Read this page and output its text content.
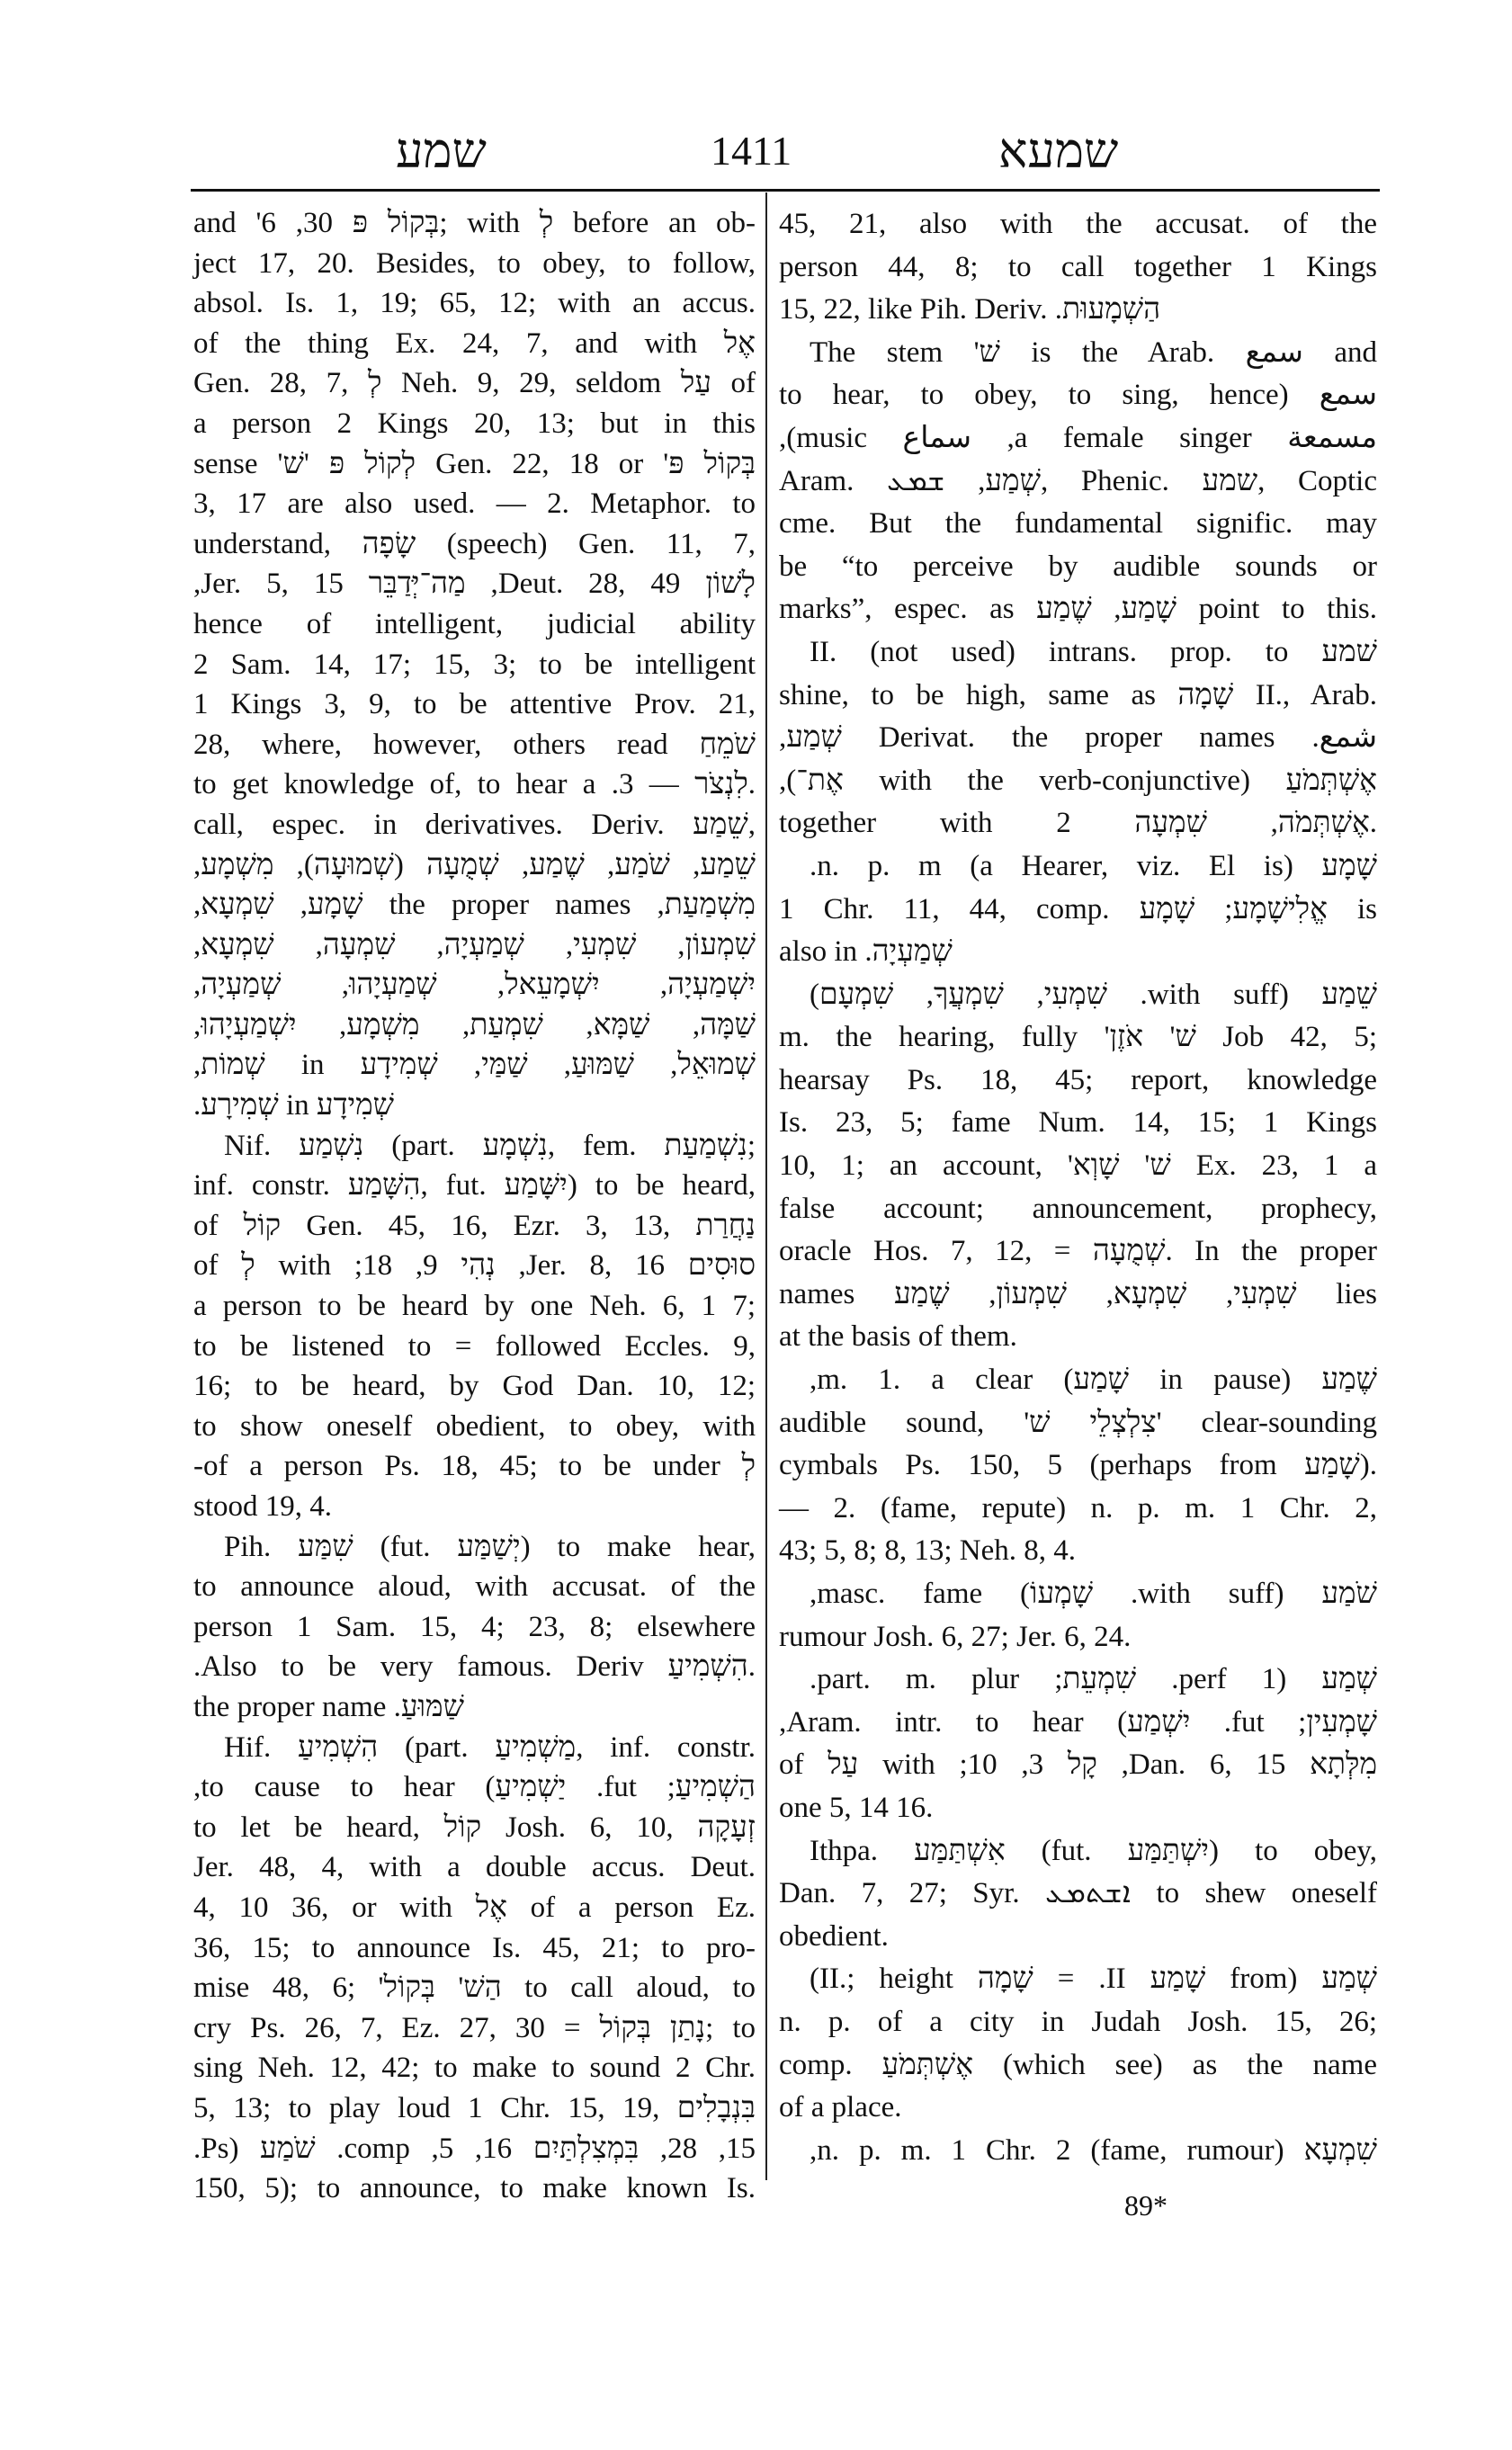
שמע	1411	שמעא
and 'בְּקוֹל פּ 30, 6; with לְ before an ob-
ject 17, 20. Besides, to obey, to follow,
absol. Is. 1, 19; 65, 12; with an accus.
of the thing Ex. 24, 7, and with אֶל
Gen. 28, 7, לְ Neh. 9, 29, seldom עַל of
a person 2 Kings 20, 13; but in this
sense 'לְקוֹל פּ 'שׁ Gen. 22, 18 or 'בְּקוֹל פּ
3, 17 are also used. — 2. Metaphor. to
understand, שָׂפָה (speech) Gen. 11, 7,
לָשׁוֹן Deut. 28, 49, מַה־יְּדַבֵּר Jer. 5, 15,
hence of intelligent, judicial ability
2 Sam. 14, 17; 15, 3; to be intelligent
1 Kings 3, 9, to be attentive Prov. 21,
28, where, however, others read שֹׁמֵחַ
.לִנְצֹר — 3. to get knowledge of, to hear a
call, espec. in derivatives. Deriv. שֵׁמַע,
שֵׁמַע, שֹׁמַע, שֶׁמַע, שְׁמֻעָה (שְׁמוּעָה), מִשְׁמָע,
מִשְׁמַעַת, the proper names שָׁמָע, שִׁמְעָא,
שִׁמְעוֹן, שִׁמְעִי, שְׁמַעְיָה, שִׁמְעָה, שִׁמְעָא,
יִשְׁמַעְיָה, יִשְׁמָעֵאל, שְׁמַעְיָהוּ, שְׁמַעְיָה,
שַׁמָּה, שַׁמָּא, שִׁמְעַת, מִשְׁמָע, יִשְׁמַעְיָהוּ,
שְׁמוּאֵל, שַׁמּוּעַ, שַׁמַּי, שְׁמִידָע in שְׁמוֹת,
שְׁמִידָע in שְׁמִירָע.
Nif. נִשְׁמַע (part. נִשְׁמָע, fem. נִשְׁמַעַת;
inf. constr. הִשָּׁמַע, fut. יִשָּׁמַע) to be heard,
of קוֹל Gen. 45, 16, Ezr. 3, 13, נַחֲרַת
סוּסִים Jer. 8, 16, נְהִי 9, 18; with לְ of
a person to be heard by one Neh. 6, 1 7;
to be listened to = followed Eccles. 9,
16; to be heard, by God Dan. 10, 12;
to show oneself obedient, to obey, with
לְ of a person Ps. 18, 45; to be under-
stood 19, 4.
Pih. שִׁמַּע (fut. יְשַׁמַּע) to make hear,
to announce aloud, with accusat. of the
person 1 Sam. 15, 4; 23, 8; elsewhere
.הִשְׁמִיעַ Also to be very famous. Deriv.
the proper name .שַׁמּוּעַ
Hif. הִשְׁמִיעַ (part. מַשְׁמִיעַ, inf. constr.
הַשְׁמִיעַ; fut. יַשְׁמִיעַ) to cause to hear,
to let be heard, קוֹל Josh. 6, 10, זְעָקָה
Jer. 48, 4, with a double accus. Deut.
4, 10 36, or with אֶל of a person Ez.
36, 15; to announce Is. 45, 21; to pro-
mise 48, 6; 'הַשׁ' בְּקוֹל to call aloud, to
cry Ps. 26, 7, Ez. 27, 30 = נָתַן בְּקוֹל; to
sing Neh. 12, 42; to make to sound 2 Chr.
5, 13; to play loud 1 Chr. 15, 19, בִּנְבָלִים
15, 28, בִּמְצִלְתַּיִם 16, 5, comp. שֹׁמַע (Ps.
150, 5); to announce, to make known Is.
45, 21, also with the accusat. of the
person 44, 8; to call together 1 Kings
15, 22, like Pih. Deriv. .הַשְׁמָעוּת
The stem 'שׁ is the Arab. سمع and
سمع (to hear, to obey, to sing, hence
مسمعة a female singer, سماع music),
Aram. שְׁמַע, ܫܡܥ, Phenic. שמע, Coptic
cme. But the fundamental signific. may
be “to perceive by audible sounds or
marks”, espec. as שָׁמַע, שֶׁמַע point to this.
שׁמע II. (not used) intrans. prop. to
shine, to be high, same as שָׁמָה II., Arab.
شمع. Derivat. the proper names שְׁמַע,
אֶשְׁתְּמֹעַ (with the verb-conjunctive אֶת־),
together with אֶשְׁתְּמֹה, שִׁמְעָה 2.
שָׁמָע (a Hearer, viz. El is) n. p. m.
1 Chr. 11, 44, comp. אֱלִישָׁמָע; שָׁמָע is
also in .שְׁמַעְיָה
שֵׁמַע (with suff. שִׁמְעִי, שִׁמְעֲךָ, שִׁמְעָם)
m. the hearing, fully 'שׁ' אֹזֶן Job 42, 5;
hearsay Ps. 18, 45; report, knowledge
Is. 23, 5; fame Num. 14, 15; 1 Kings
10, 1; an account, 'שׁ' שָׁוְא Ex. 23, 1 a
false account; announcement, prophecy,
oracle Hos. 7, 12, = שְׁמֻעָה. In the proper
names שִׁמְעִי, שִׁמְעָא, שִׁמְעוֹן, שֶׁמַע lies
at the basis of them.
שֶׁמַע (in pause שָׁמַע) m. 1. a clear,
audible sound, 'צִלְצְלֵי שׁ' clear-sounding
cymbals Ps. 150, 5 (perhaps from שָׁמַע).
— 2. (fame, repute) n. p. m. 1 Chr. 2,
43; 5, 8; 8, 13; Neh. 8, 4.
שֹׁמַע (with suff. שָׁמְעוֹ) masc. fame,
rumour Josh. 6, 27; Jer. 6, 24.
שְׁמַע (1 perf. שִׁמְעֵת; part. m. plur.
שָׁמְעִין; fut. יִשְׁמַע) Aram. intr. to hear,
מִלְּתָא Dan. 6, 15, קָל 3, 10; with עַל of
one 5, 14 16.
Ithpa. אִשְׁתַּמַּע (fut. יִשְׁתַּמַּע) to obey,
Dan. 7, 27; Syr. ܐܫܬܡܥ to shew oneself
obedient.
שְׁמַע (from שָׁמַע II. = שָׁמָה II.; height)
n. p. of a city in Judah Josh. 15, 26;
comp. אֶשְׁתְּמֹעַ (which see) as the name
of a place.
שִׁמְעָא (fame, rumour) n. p. m. 1 Chr. 2,
89*
